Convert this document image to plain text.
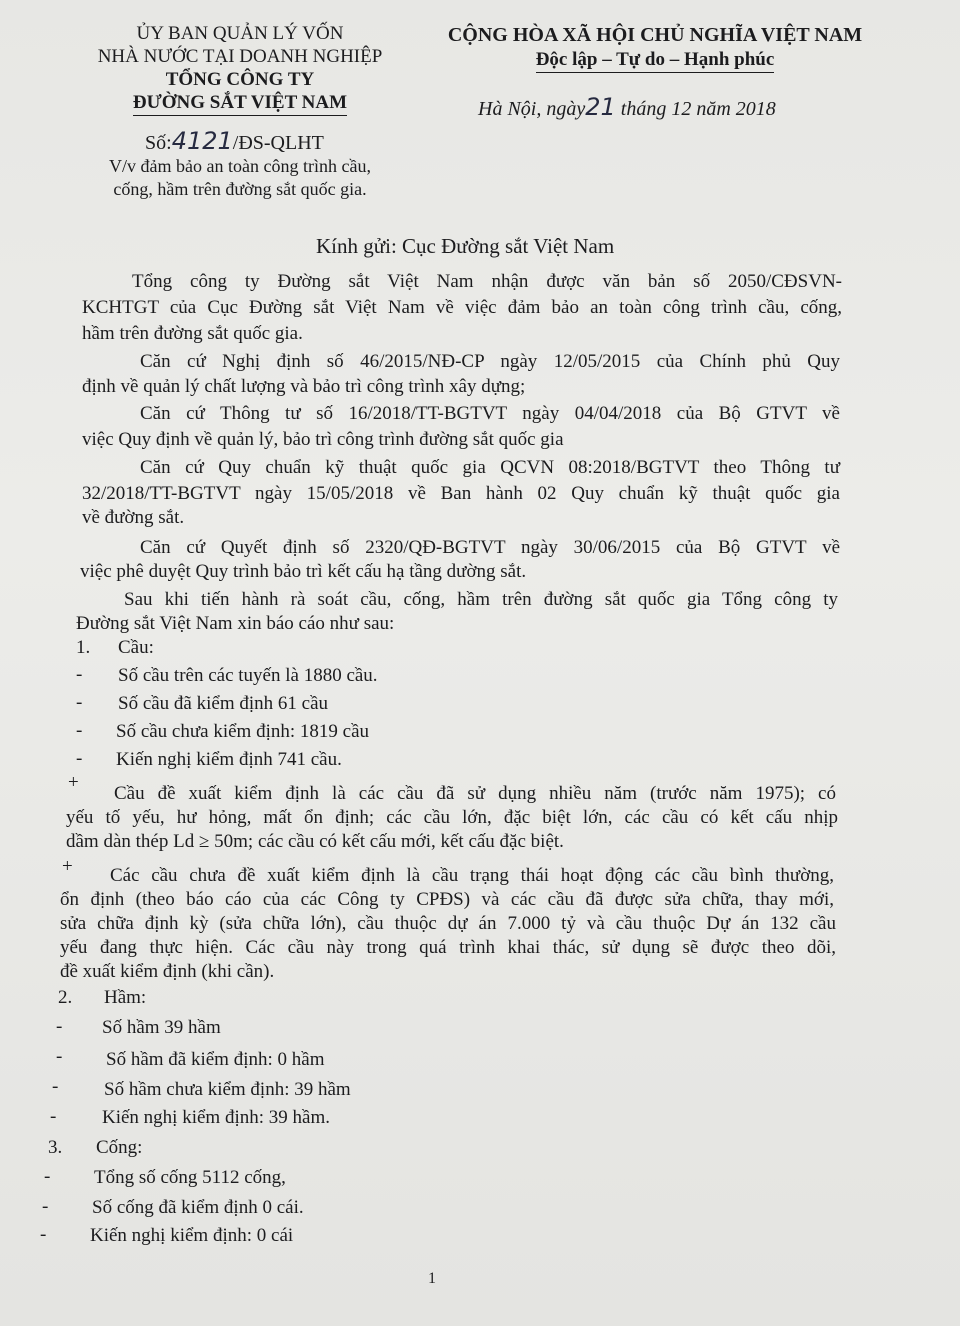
ỦY BAN QUẢN LÝ VỐN
NHÀ NƯỚC TẠI DOANH NGHIỆP
TỔNG CÔNG TY
ĐƯỜNG SẮT VIỆT NAM
CỘNG HÒA XÃ HỘI CHỦ NGHĨA VIỆT NAM
Độc lập – Tự do – Hạnh phúc
Hà Nội, ngày21 tháng 12 năm 2018
Số:4121/ĐS-QLHT
V/v đảm bảo an toàn công trình cầu,
cống, hầm trên đường sắt quốc gia.
Kính gửi: Cục Đường sắt Việt Nam
Tổng công ty Đường sắt Việt Nam nhận được văn bản số 2050/CĐSVN-
KCHTGT của Cục Đường sắt Việt Nam về việc đảm bảo an toàn công trình cầu, cống,
hầm trên đường sắt quốc gia.
Căn cứ Nghị định số 46/2015/NĐ-CP ngày 12/05/2015 của Chính phủ Quy
định về quản lý chất lượng và bảo trì công trình xây dựng;
Căn cứ Thông tư số 16/2018/TT-BGTVT ngày 04/04/2018 của Bộ GTVT về
việc Quy định về quản lý, bảo trì công trình đường sắt quốc gia
Căn cứ Quy chuẩn kỹ thuật quốc gia QCVN 08:2018/BGTVT theo Thông tư
32/2018/TT-BGTVT ngày 15/05/2018 về Ban hành 02 Quy chuẩn kỹ thuật quốc gia
về đường sắt.
Căn cứ Quyết định số 2320/QĐ-BGTVT ngày 30/06/2015 của Bộ GTVT về
việc phê duyệt Quy trình bảo trì kết cấu hạ tầng dường sắt.
Sau khi tiến hành rà soát cầu, cống, hầm trên đường sắt quốc gia Tổng công ty
Đường sắt Việt Nam xin báo cáo như sau:
1. Cầu:
- Số cầu trên các tuyến là 1880 cầu.
- Số cầu đã kiểm định 61 cầu
- Số cầu chưa kiểm định: 1819 cầu
- Kiến nghị kiểm định 741 cầu.
+
Cầu đề xuất kiểm định là các cầu đã sử dụng nhiều năm (trước năm 1975); có
yếu tố yếu, hư hỏng, mất ổn định; các cầu lớn, đặc biệt lớn, các cầu có kết cấu nhịp
dầm dàn thép Ld ≥ 50m; các cầu có kết cấu mới, kết cấu đặc biệt.
+ Các cầu chưa đề xuất kiểm định là cầu trạng thái hoạt động các cầu bình thường,
ổn định (theo báo cáo của các Công ty CPĐS) và các cầu đã được sửa chữa, thay mới,
sửa chữa định kỳ (sửa chữa lớn), cầu thuộc dự án 7.000 tỷ và cầu thuộc Dự án 132 cầu
yếu đang thực hiện. Các cầu này trong quá trình khai thác, sử dụng sẽ được theo dõi,
đề xuất kiểm định (khi cần).
2. Hầm:
- Số hầm 39 hầm
- Số hầm đã kiểm định: 0 hầm
- Số hầm chưa kiểm định: 39 hầm
- Kiến nghị kiểm định: 39 hầm.
3. Cống:
- Tổng số cống 5112 cống,
- Số cống đã kiểm định 0 cái.
- Kiến nghị kiểm định: 0 cái
1
